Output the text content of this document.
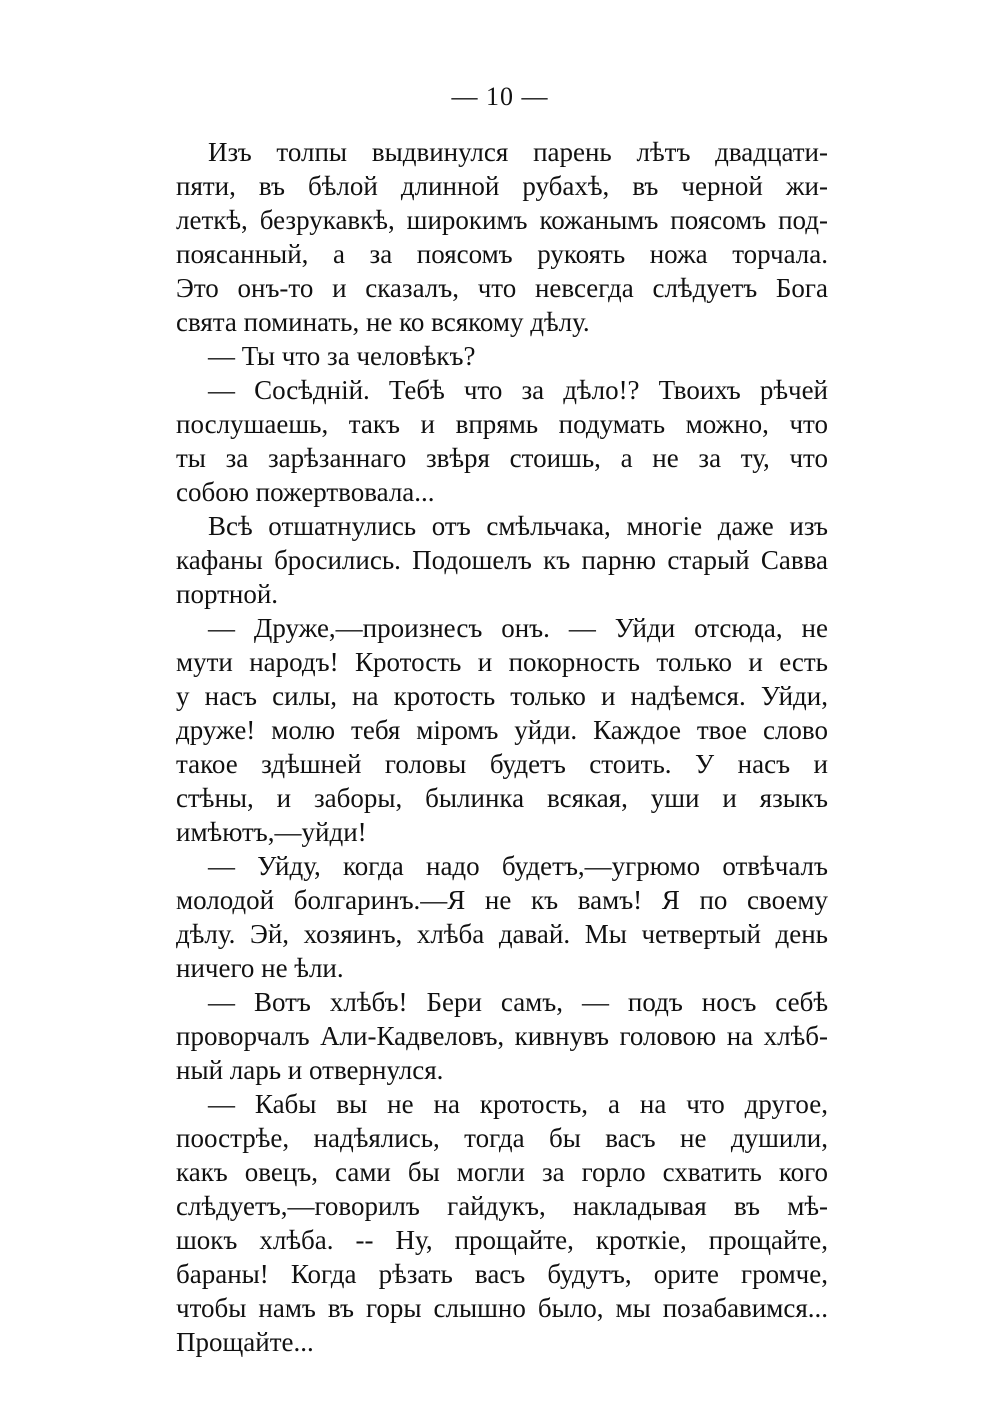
— 10 —
Изъ толпы выдвинулся парень лѣтъ двадцати-
пяти, въ бѣлой длинной рубахѣ, въ черной жи-
леткѣ, безрукавкѣ, широкимъ кожанымъ поясомъ под-
поясанный, а за поясомъ рукоять ножа торчала.
Это онъ-то и сказалъ, что невсегда слѣдуетъ Бога
свята поминать, не ко всякому дѣлу.
— Ты что за человѣкъ?
— Сосѣдній. Тебѣ что за дѣло!? Твоихъ рѣчей
послушаешь, такъ и впрямь подумать можно, что
ты за зарѣзаннаго звѣря стоишь, а не за ту, что
собою пожертвовала...
Всѣ отшатнулись отъ смѣльчака, многіе даже изъ
кафаны бросились. Подошелъ къ парню старый Савва
портной.
— Друже,—произнесъ онъ. — Уйди отсюда, не
мути народъ! Кротость и покорность только и есть
у насъ силы, на кротость только и надѣемся. Уйди,
друже! молю тебя міромъ уйди. Каждое твое слово
такое здѣшней головы будетъ стоить. У насъ и
стѣны, и заборы, былинка всякая, уши и языкъ
имѣютъ,—уйди!
— Уйду, когда надо будетъ,—угрюмо отвѣчалъ
молодой болгаринъ.—Я не къ вамъ! Я по своему
дѣлу. Эй, хозяинъ, хлѣба давай. Мы четвертый день
ничего не ѣли.
— Вотъ хлѣбъ! Бери самъ, — подъ носъ себѣ
проворчалъ Али-Кадвеловъ, кивнувъ головою на хлѣб-
ный ларь и отвернулся.
— Кабы вы не на кротость, а на что другое,
поострѣе, надѣялись, тогда бы васъ не душили,
какъ овецъ, сами бы могли за горло схватить кого
слѣдуетъ,—говорилъ гайдукъ, накладывая въ мѣ-
шокъ хлѣба. -- Ну, прощайте, кроткіе, прощайте,
бараны! Когда рѣзать васъ будутъ, орите громче,
чтобы намъ въ горы слышно было, мы позабавимся...
Прощайте...
